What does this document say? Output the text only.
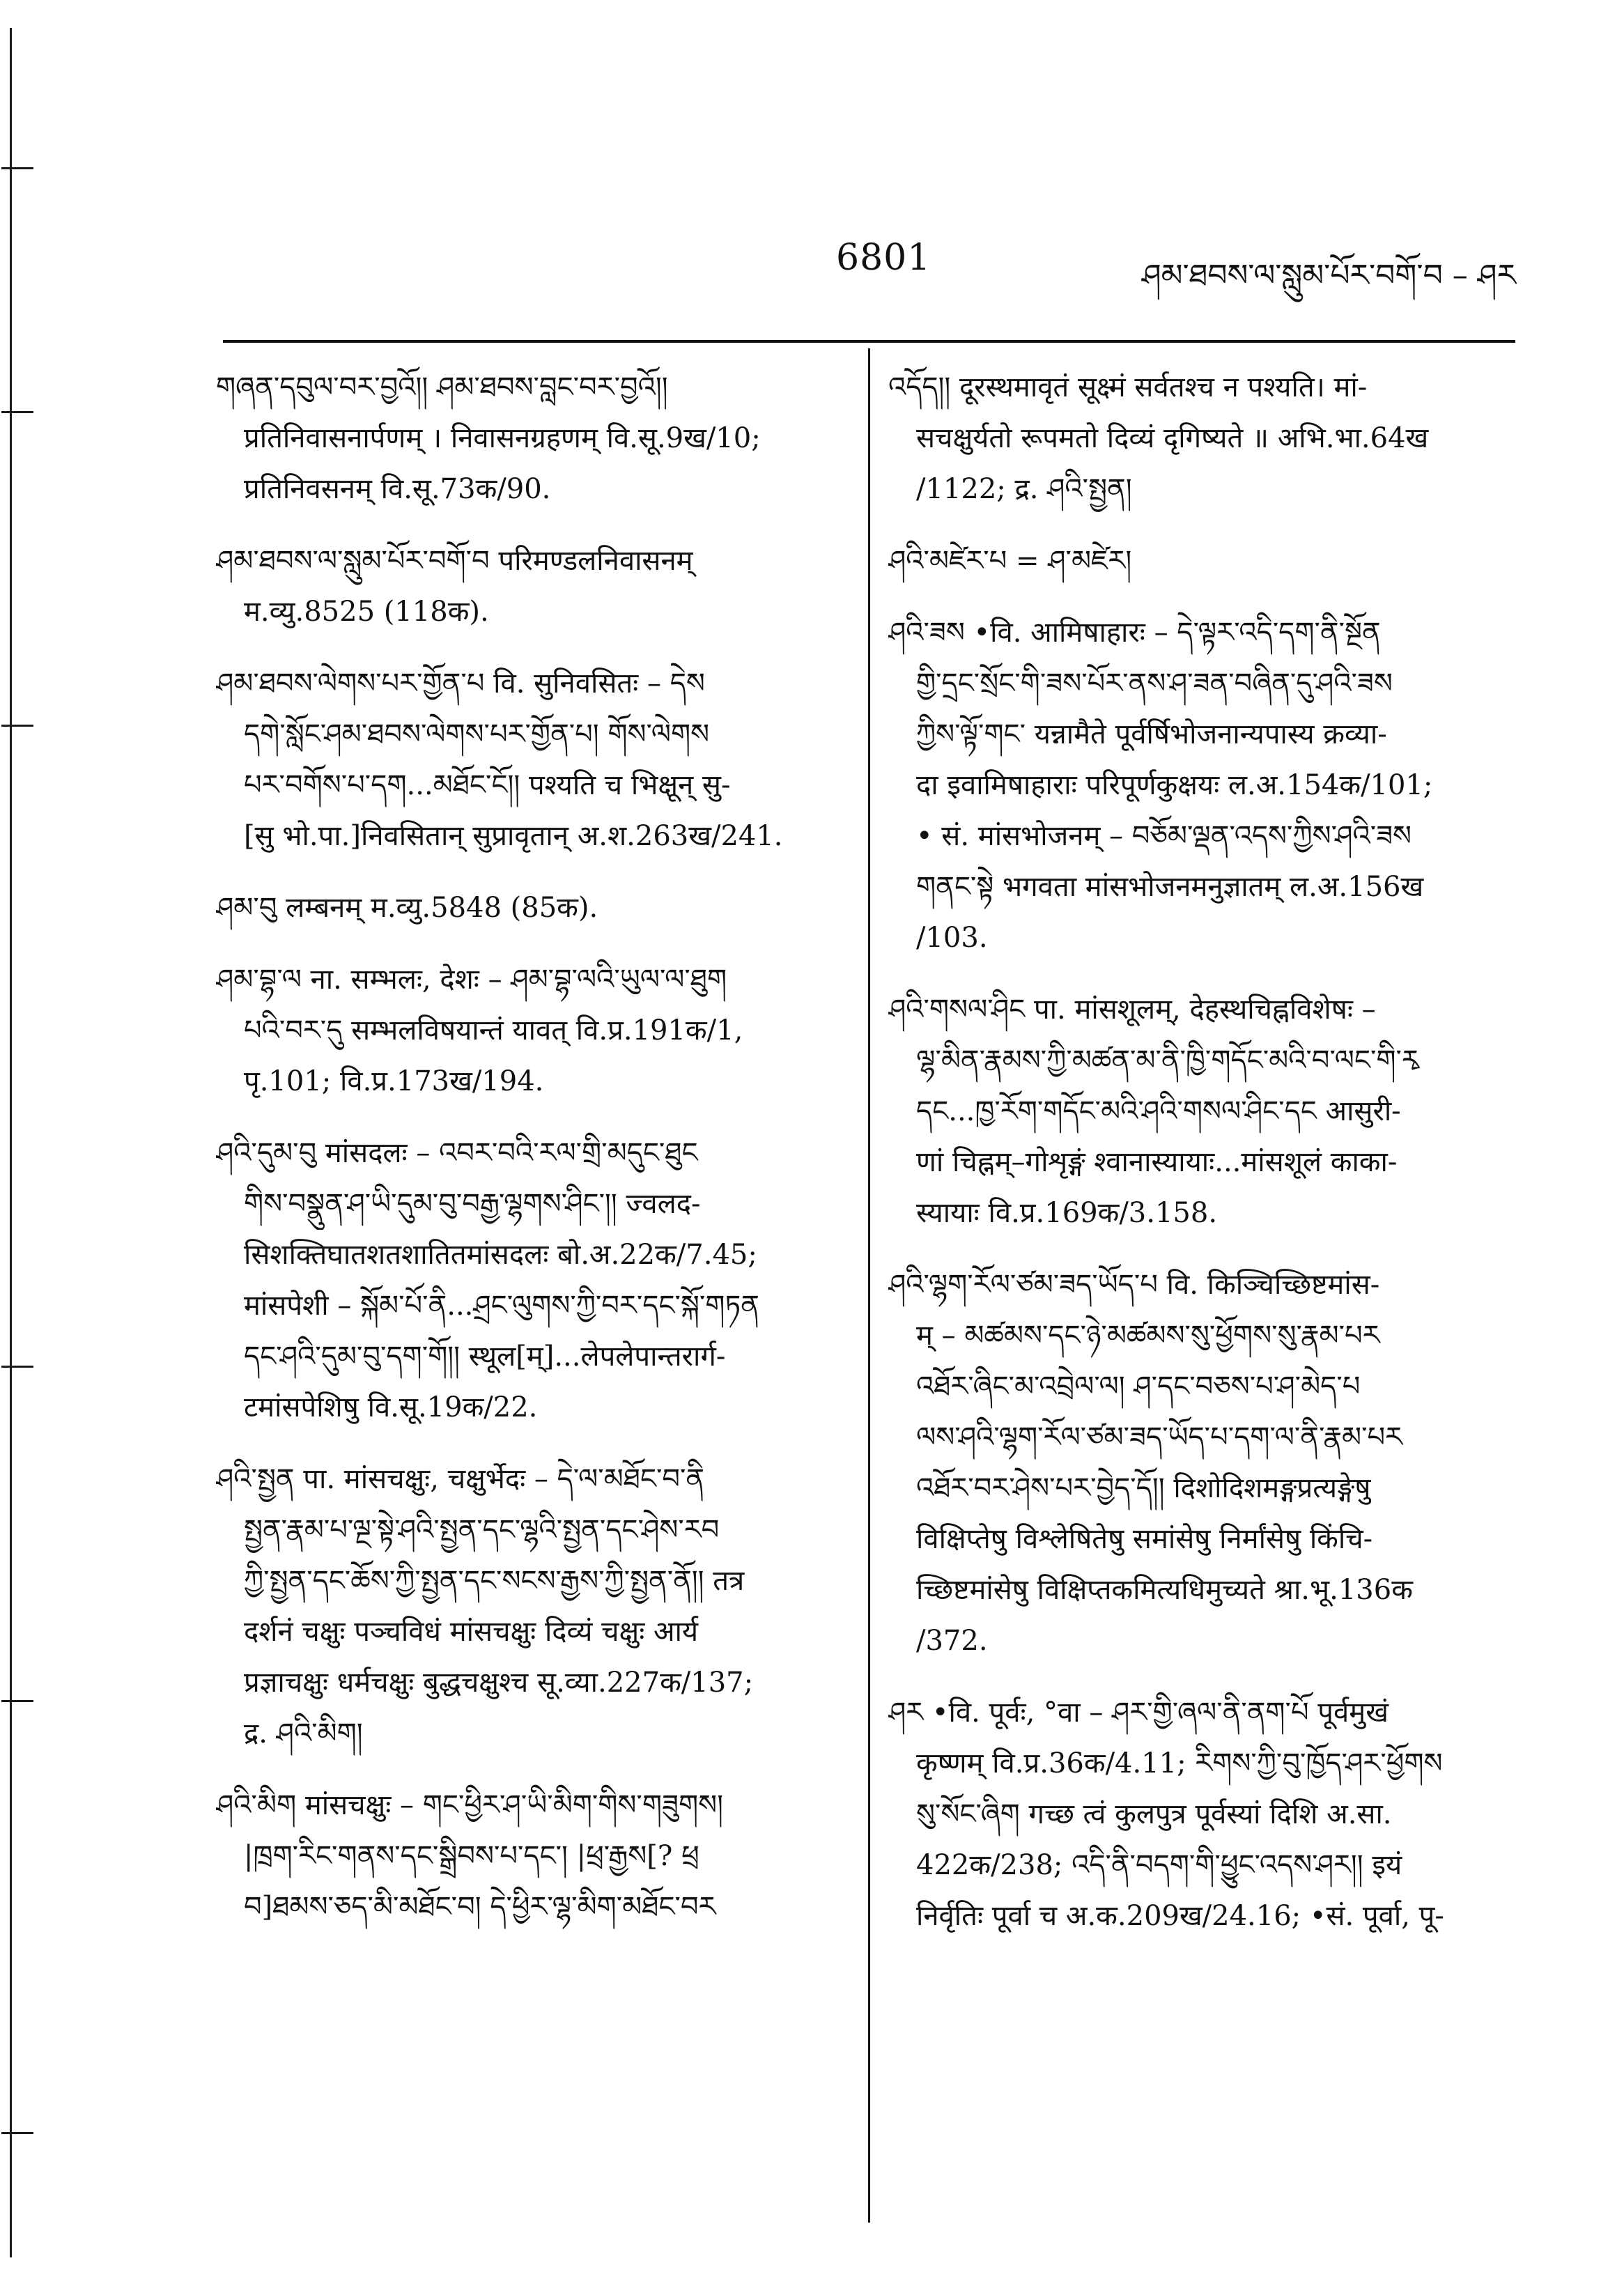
6801	ཤམ་ཐབས་ལ་སླུམ་པོར་བགོ་བ – ཤར
གཞན་དབུལ་བར་བྱའོ།། ཤམ་ཐབས་བླང་བར་བྱའོ།།
प्रतिनिवासनार्पणम् । निवासनग्रहणम् वि.सू.9ख/10;
प्रतिनिवसनम् वि.सू.73क/90.
ཤམ་ཐབས་ལ་སླུམ་པོར་བགོ་བ परिमण्डलनिवासनम्
म.व्यु.8525 (118क).
ཤམ་ཐབས་ལེགས་པར་གྱོན་པ वि. सुनिवसितः – དེས
དགེ་སློང་ཤམ་ཐབས་ལེགས་པར་གྱོན་པ། གོས་ལེགས
པར་བགོས་པ་དག...མཐོང་ངོ།། पश्यति च भिक्षून् सु-
[सु भो.पा.]निवसितान् सुप्रावृतान् अ.श.263ख/241.
ཤམ་བུ लम्बनम् म.व्यु.5848 (85क).
ཤམ་བྷ་ལ ना. सम्भलः, देशः – ཤམ་བྷ་ལའི་ཡུལ་ལ་ཐུག
པའི་བར་དུ सम्भलविषयान्तं यावत् वि.प्र.191क/1,
पृ.101; वि.प्र.173ख/194.
ཤའི་དུམ་བུ मांसदलः – འབར་བའི་རལ་གྲི་མདུང་ཐུང
གིས་བསྣུན་ཤ་ཡི་དུམ་བུ་བརྒྱ་ལྷགས་ཤིང་།། ज्वलद-
सिशक्तिघातशतशातितमांसदलः बो.अ.22क/7.45;
मांसपेशी – སྐོམ་པོ་ནི...ཤྲང་ལུགས་ཀྱི་བར་དང་སྐོ་གཏན
དང་ཤའི་དུམ་བུ་དག་གོ།། स्थूल[म्]...लेपलेपान्तरार्ग-
टमांसपेशिषु वि.सू.19क/22.
ཤའི་སྤྱན पा. मांसचक्षुः, चक्षुर्भेदः – དེ་ལ་མཐོང་བ་ནི
སྤྱན་རྣམ་པ་ལྔ་སྟེ་ཤའི་སྤྱན་དང་ལྷའི་སྤྱན་དང་ཤེས་རབ
ཀྱི་སྤྱན་དང་ཆོས་ཀྱི་སྤྱན་དང་སངས་རྒྱས་ཀྱི་སྤྱན་ནོ།། तत्र
दर्शनं चक्षुः पञ्चविधं मांसचक्षुः दिव्यं चक्षुः आर्य
प्रज्ञाचक्षुः धर्मचक्षुः बुद्धचक्षुश्च सू.व्या.227क/137;
द्र. ཤའི་མིག།
ཤའི་མིག मांसचक्षुः – གང་ཕྱིར་ཤ་ཡི་མིག་གིས་གཟུགས།
|ཁྲག་རིང་གནས་དང་སྒྲིབས་པ་དང་། |ཕྲ་རྒྱས[? ཕྲ
བ]ཐམས་ཅད་མི་མཐོང་བ། དེ་ཕྱིར་ལྷ་མིག་མཐོང་བར
འདོད།། दूरस्थमावृतं सूक्ष्मं सर्वतश्च न पश्यति। मां-
सचक्षुर्यतो रूपमतो दिव्यं दृगिष्यते ॥ अभि.भा.64ख
/1122; द्र. ཤའི་སྤྱན།
ཤའི་མཛེར་པ = ཤ་མཛེར།
ཤའི་ཟས •वि. आमिषाहारः – དེ་ལྟར་འདི་དག་ནི་སྔོན
གྱི་དྲང་སྲོང་གི་ཟས་པོར་ནས་ཤ་ཟན་བཞིན་དུ་ཤའི་ཟས
ཀྱིས་ལྟོ་གང་ यन्नामैते पूर्वर्षिभोजनान्यपास्य क्रव्या-
दा इवामिषाहाराः परिपूर्णकुक्षयः ल.अ.154क/101;
• सं. मांसभोजनम् – བཅོམ་ལྡན་འདས་ཀྱིས་ཤའི་ཟས
གནང་སྟེ भगवता मांसभोजनमनुज्ञातम् ल.अ.156ख
/103.
ཤའི་གསལ་ཤིང पा. मांसशूलम्, देहस्थचिह्नविशेषः –
ལྷ་མིན་རྣམས་ཀྱི་མཚན་མ་ནི་ཁྱི་གདོང་མའི་བ་ལང་གི་རྭ
དང...ཁྱ་རོག་གདོང་མའི་ཤའི་གསལ་ཤིང་དང आसुरी-
णां चिह्नम्–गोशृङ्गं श्वानास्यायाः...मांसशूलं काका-
स्यायाः वि.प्र.169क/3.158.
ཤའི་ལྷག་རོལ་ཙམ་ཟད་ཡོད་པ वि. किञ्चिच्छिष्टमांस-
म् – མཚམས་དང་ཉེ་མཚམས་སུ་ཕྱོགས་སུ་རྣམ་པར
འཐོར་ཞིང་མ་འབྲེལ་ལ། ཤ་དང་བཅས་པ་ཤ་མེད་པ
ལས་ཤའི་ལྷག་རོལ་ཙམ་ཟད་ཡོད་པ་དག་ལ་ནི་རྣམ་པར
འཐོར་བར་ཤེས་པར་བྱེད་དོ།། दिशोदिशमङ्गप्रत्यङ्गेषु
विक्षिप्तेषु विश्लेषितेषु समांसेषु निर्मांसेषु किंचि-
च्छिष्टमांसेषु विक्षिप्तकमित्यधिमुच्यते श्रा.भू.136क
/372.
ཤར •वि. पूर्वः, °वा – ཤར་གྱི་ཞལ་ནི་ནག་པོ पूर्वमुखं
कृष्णम् वि.प्र.36क/4.11; རིགས་ཀྱི་བུ་ཁྱོད་ཤར་ཕྱོགས
སུ་སོང་ཞིག गच्छ त्वं कुलपुत्र पूर्वस्यां दिशि अ.सा.
422क/238; འདི་ནི་བདག་གི་ཕྱུང་འདས་ཤར།། इयं
निर्वृतिः पूर्वा च अ.क.209ख/24.16; •सं. पूर्वा, पू-
